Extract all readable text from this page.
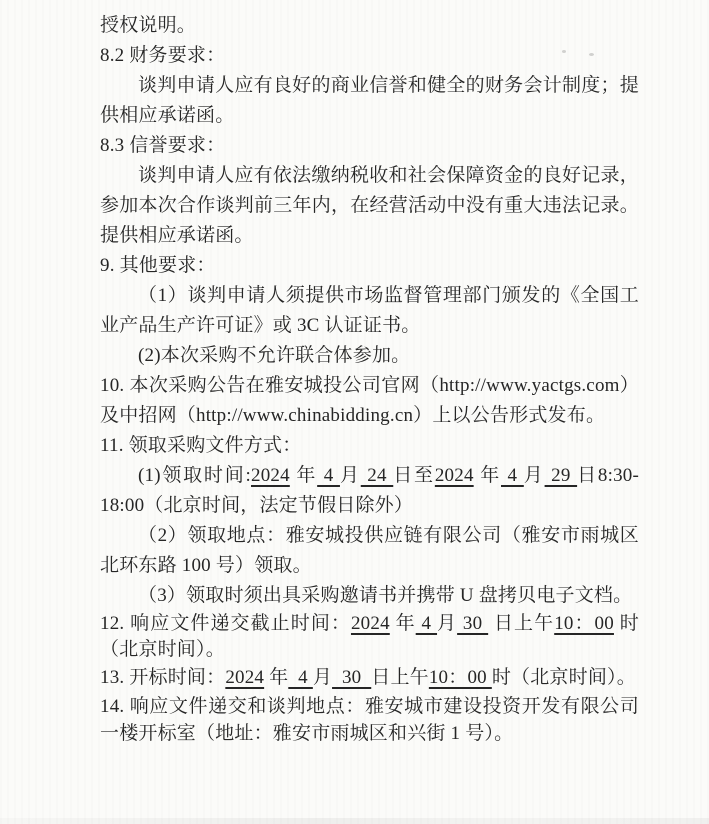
授权说明。

8.2 财务要求：

谈判申请人应有良好的商业信誉和健全的财务会计制度；提供相应承诺函。

8.3 信誉要求：

谈判申请人应有依法缴纳税收和社会保障资金的良好记录，参加本次合作谈判前三年内，在经营活动中没有重大违法记录。提供相应承诺函。

9. 其他要求：

（1）谈判申请人须提供市场监督管理部门颁发的《全国工业产品生产许可证》或 3C 认证证书。

(2)本次采购不允许联合体参加。

10. 本次采购公告在雅安城投公司官网（http://www.yactgs.com）及中招网（http://www.chinabidding.cn）上以公告形式发布。

11. 领取采购文件方式：

(1)领取时间:2024 年 4 月 24 日至2024 年 4 月 29 日8:30-18:00（北京时间，法定节假日除外）

（2）领取地点：雅安城投供应链有限公司（雅安市雨城区北环东路 100 号）领取。

（3）领取时须出具采购邀请书并携带 U 盘拷贝电子文档。

12. 响应文件递交截止时间：2024 年 4 月 30  日上午10：00 时（北京时间）。

13. 开标时间：2024 年  4 月  30  日上午10：00 时（北京时间）。

14. 响应文件递交和谈判地点：雅安城市建设投资开发有限公司一楼开标室（地址：雅安市雨城区和兴街 1 号）。
